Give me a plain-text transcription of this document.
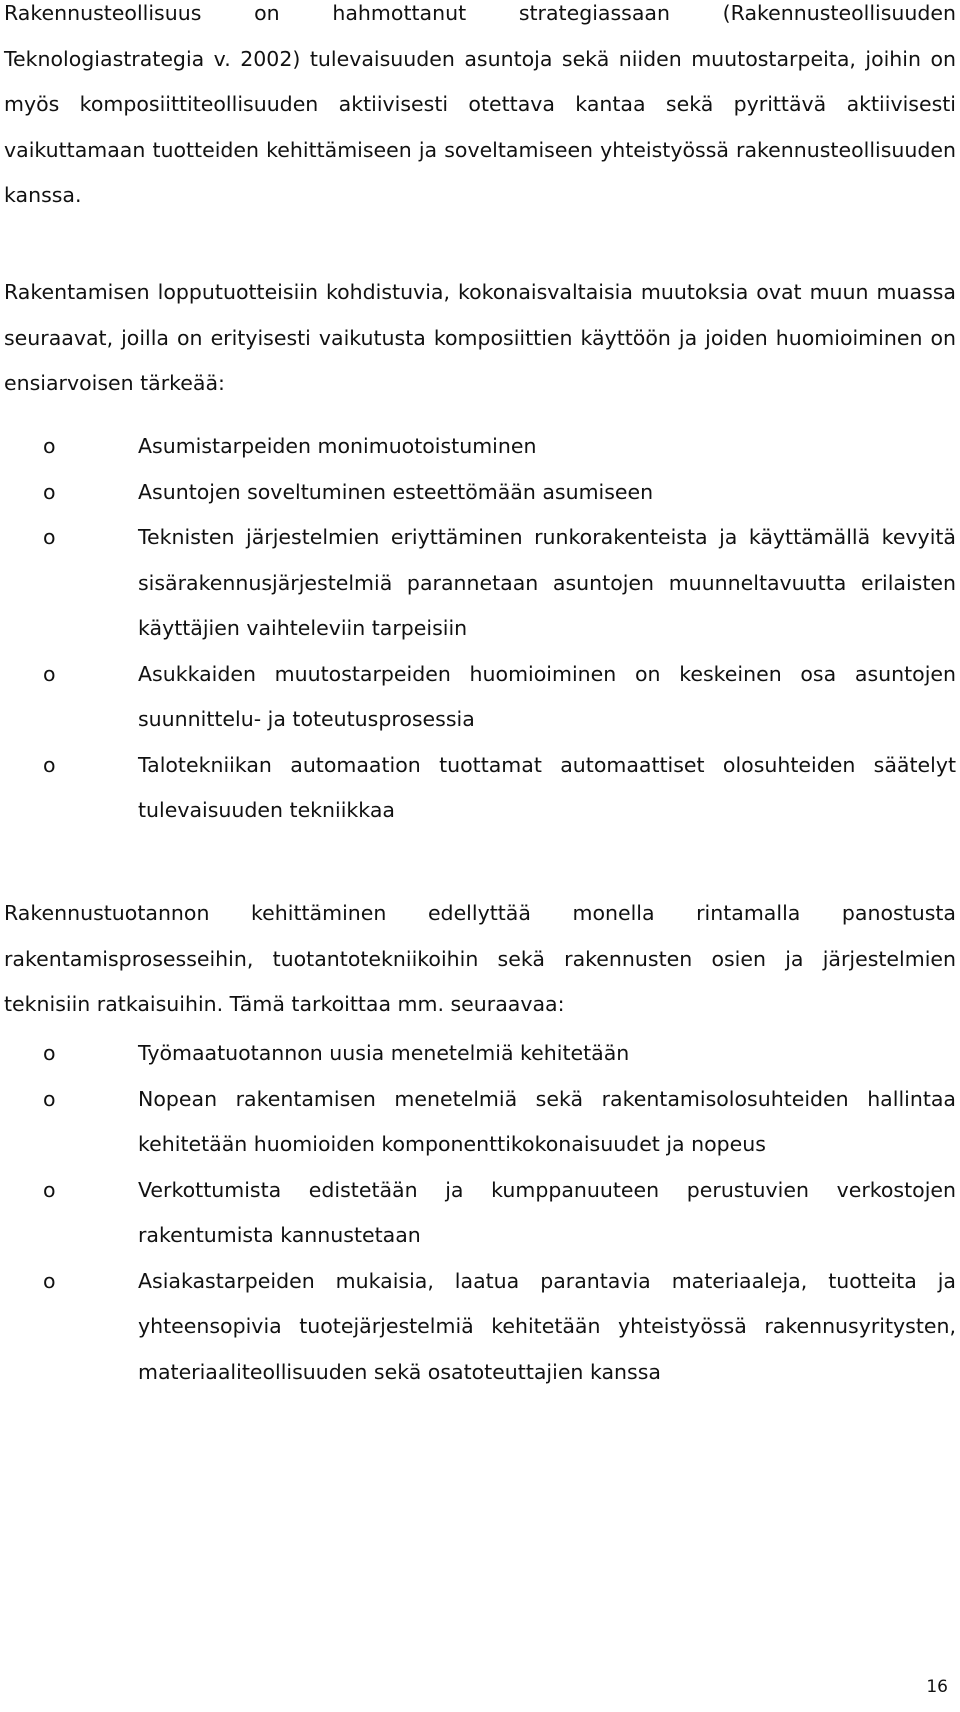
Rakennusteollisuus on hahmottanut strategiassaan (Rakennusteollisuuden Teknologiastrategia v. 2002) tulevaisuuden asuntoja sekä niiden muutostarpeita, joihin on myös komposiittiteollisuuden aktiivisesti otettava kantaa sekä pyrittävä aktiivisesti vaikuttamaan tuotteiden kehittämiseen ja soveltamiseen yhteistyössä rakennusteollisuuden kanssa.

Rakentamisen lopputuotteisiin kohdistuvia, kokonaisvaltaisia muutoksia ovat muun muassa seuraavat, joilla on erityisesti vaikutusta komposiittien käyttöön ja joiden huomioiminen on ensiarvoisen tärkeää:

o	Asumistarpeiden monimuotoistuminen
o	Asuntojen soveltuminen esteettömään asumiseen
o	Teknisten järjestelmien eriyttäminen runkorakenteista ja käyttämällä kevyitä sisärakennusjärjestelmiä parannetaan asuntojen muunneltavuutta erilaisten käyttäjien vaihteleviin tarpeisiin
o	Asukkaiden muutostarpeiden huomioiminen on keskeinen osa asuntojen suunnittelu- ja toteutusprosessia
o	Talotekniikan automaation tuottamat automaattiset olosuhteiden säätelyt tulevaisuuden tekniikkaa

Rakennustuotannon kehittäminen edellyttää monella rintamalla panostusta rakentamisprosesseihin, tuotantotekniikoihin sekä rakennusten osien ja järjestelmien teknisiin ratkaisuihin. Tämä tarkoittaa mm. seuraavaa:

o	Työmaatuotannon uusia menetelmiä kehitetään
o	Nopean rakentamisen menetelmiä sekä rakentamisolosuhteiden hallintaa kehitetään huomioiden komponenttikokonaisuudet ja nopeus
o	Verkottumista edistetään ja kumppanuuteen perustuvien verkostojen rakentumista kannustetaan
o	Asiakastarpeiden mukaisia, laatua parantavia materiaaleja, tuotteita ja yhteensopivia tuotejärjestelmiä kehitetään yhteistyössä rakennusyritysten, materiaaliteollisuuden sekä osatoteuttajien kanssa
16
